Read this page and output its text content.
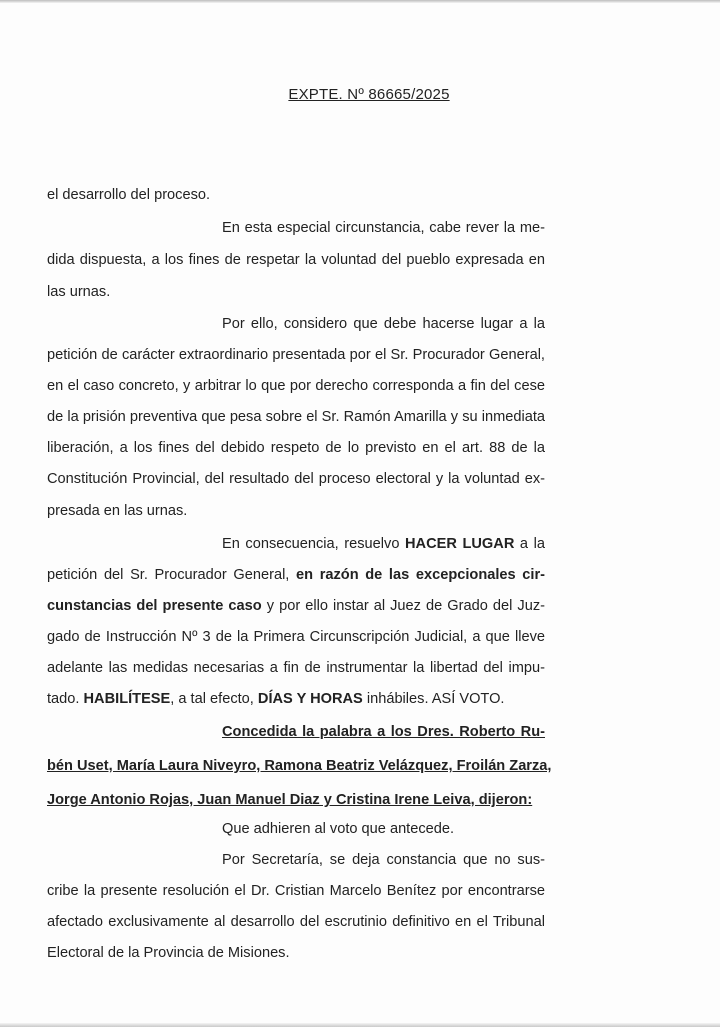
EXPTE. Nº 86665/2025
el desarrollo del proceso.
En esta especial circunstancia, cabe rever la me-
dida dispuesta, a los fines de respetar la voluntad del pueblo expresada en
las urnas.
Por ello, considero que debe hacerse lugar a la
petición de carácter extraordinario presentada por el Sr. Procurador General,
en el caso concreto, y arbitrar lo que por derecho corresponda a fin del cese
de la prisión preventiva que pesa sobre el Sr. Ramón Amarilla y su inmediata
liberación, a los fines del debido respeto de lo previsto en el art. 88 de la
Constitución Provincial, del resultado del proceso electoral y la voluntad ex-
presada en las urnas.
En consecuencia, resuelvo HACER LUGAR a la
petición del Sr. Procurador General, en razón de las excepcionales cir-
cunstancias del presente caso y por ello instar al Juez de Grado del Juz-
gado de Instrucción Nº 3 de la Primera Circunscripción Judicial, a que lleve
adelante las medidas necesarias a fin de instrumentar la libertad del impu-
tado. HABILÍTESE, a tal efecto, DÍAS Y HORAS inhábiles. ASÍ VOTO.
Concedida la palabra a los Dres. Roberto Ru-
bén Uset, María Laura Niveyro, Ramona Beatriz Velázquez, Froilán Zarza,
Jorge Antonio Rojas, Juan Manuel Diaz y Cristina Irene Leiva, dijeron:
Que adhieren al voto que antecede.
Por Secretaría, se deja constancia que no sus-
cribe la presente resolución el Dr. Cristian Marcelo Benítez por encontrarse
afectado exclusivamente al desarrollo del escrutinio definitivo en el Tribunal
Electoral de la Provincia de Misiones.
